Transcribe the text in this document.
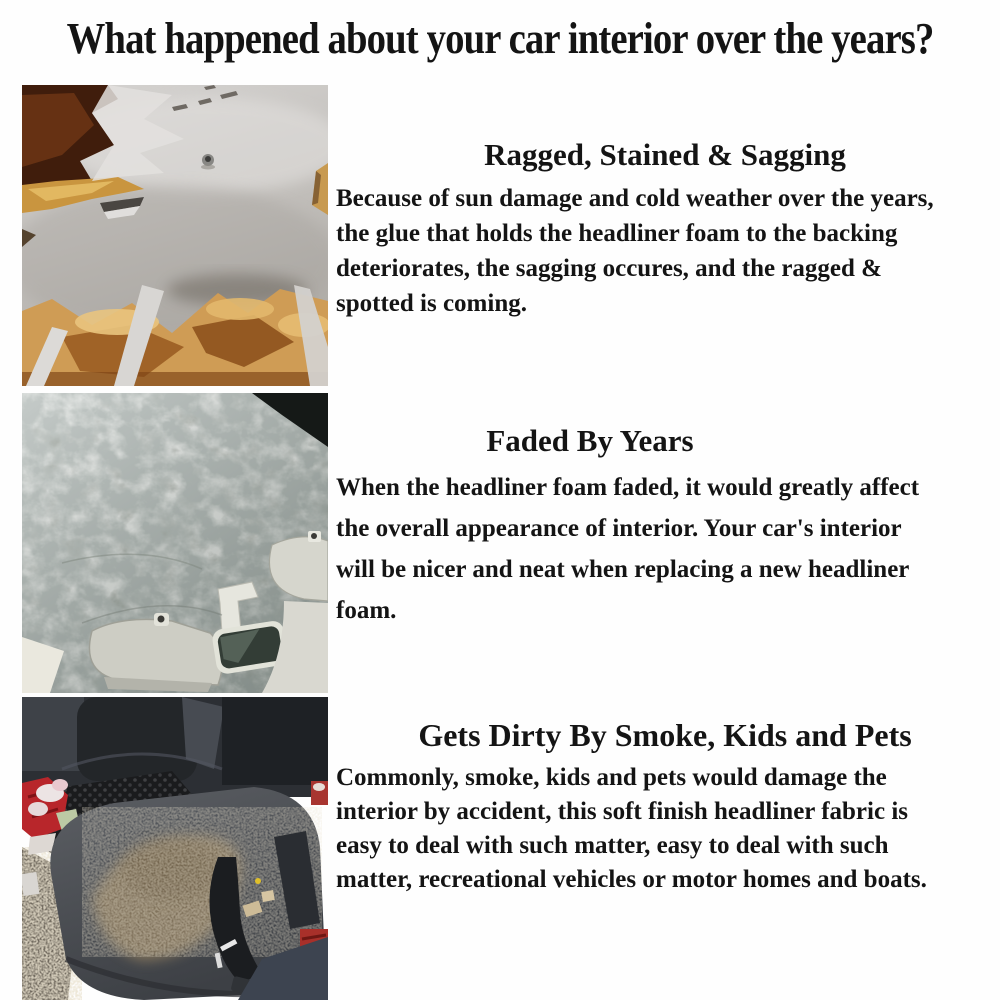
What happened about your car interior over the years?
Ragged, Stained & Sagging
Because of sun damage and cold weather over the years,
the glue that holds the headliner foam to the backing
deteriorates, the sagging occures, and the ragged &
spotted is coming.
Faded By Years
When the headliner foam faded, it would greatly affect
the overall appearance of interior. Your car's interior
will be nicer and neat when replacing a new headliner
foam.
Gets Dirty By Smoke, Kids and Pets
Commonly, smoke, kids and pets would damage the
interior by accident, this soft finish headliner fabric is
easy to deal with such matter, easy to deal with such
matter, recreational vehicles or motor homes and boats.
